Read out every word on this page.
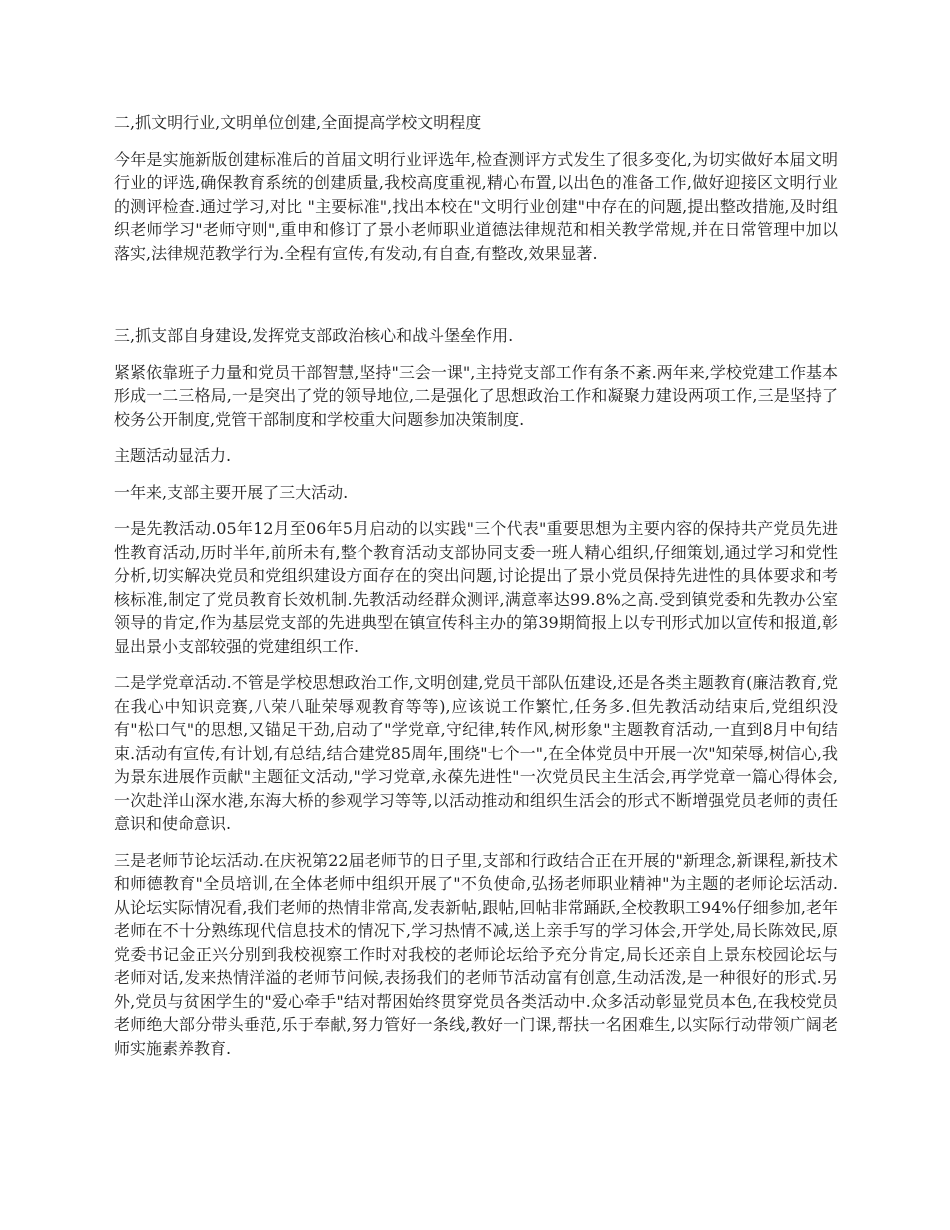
二,抓文明行业,文明单位创建,全面提高学校文明程度

今年是实施新版创建标准后的首届文明行业评选年,检查测评方式发生了很多变化,为切实做好本届文明行业的评选,确保教育系统的创建质量,我校高度重视,精心布置,以出色的准备工作,做好迎接区文明行业的测评检查.通过学习,对比 "主要标准",找出本校在"文明行业创建"中存在的问题,提出整改措施,及时组织老师学习"老师守则",重申和修订了景小老师职业道德法律规范和相关教学常规,并在日常管理中加以落实,法律规范教学行为.全程有宣传,有发动,有自查,有整改,效果显著.

三,抓支部自身建设,发挥党支部政治核心和战斗堡垒作用.

紧紧依靠班子力量和党员干部智慧,坚持"三会一课",主持党支部工作有条不紊.两年来,学校党建工作基本形成一二三格局,一是突出了党的领导地位,二是强化了思想政治工作和凝聚力建设两项工作,三是坚持了校务公开制度,党管干部制度和学校重大问题参加决策制度.

主题活动显活力.

一年来,支部主要开展了三大活动.

一是先教活动.05年12月至06年5月启动的以实践"三个代表"重要思想为主要内容的保持共产党员先进性教育活动,历时半年,前所未有,整个教育活动支部协同支委一班人精心组织,仔细策划,通过学习和党性分析,切实解决党员和党组织建设方面存在的突出问题,讨论提出了景小党员保持先进性的具体要求和考核标准,制定了党员教育长效机制.先教活动经群众测评,满意率达99.8%之高.受到镇党委和先教办公室领导的肯定,作为基层党支部的先进典型在镇宣传科主办的第39期简报上以专刊形式加以宣传和报道,彰显出景小支部较强的党建组织工作.

二是学党章活动.不管是学校思想政治工作,文明创建,党员干部队伍建设,还是各类主题教育(廉洁教育,党在我心中知识竞赛,八荣八耻荣辱观教育等等),应该说工作繁忙,任务多.但先教活动结束后,党组织没有"松口气"的思想,又锚足干劲,启动了"学党章,守纪律,转作风,树形象"主题教育活动,一直到8月中旬结束.活动有宣传,有计划,有总结,结合建党85周年,围绕"七个一",在全体党员中开展一次"知荣辱,树信心,我为景东进展作贡献"主题征文活动,"学习党章,永葆先进性"一次党员民主生活会,再学党章一篇心得体会,一次赴洋山深水港,东海大桥的参观学习等等,以活动推动和组织生活会的形式不断增强党员老师的责任意识和使命意识.

三是老师节论坛活动.在庆祝第22届老师节的日子里,支部和行政结合正在开展的"新理念,新课程,新技术和师德教育"全员培训,在全体老师中组织开展了"不负使命,弘扬老师职业精神"为主题的老师论坛活动.从论坛实际情况看,我们老师的热情非常高,发表新帖,跟帖,回帖非常踊跃,全校教职工94%仔细参加,老年老师在不十分熟练现代信息技术的情况下,学习热情不减,送上亲手写的学习体会,开学处,局长陈效民,原党委书记金正兴分别到我校视察工作时对我校的老师论坛给予充分肯定,局长还亲自上景东校园论坛与老师对话,发来热情洋溢的老师节问候,表扬我们的老师节活动富有创意,生动活泼,是一种很好的形式.另外,党员与贫困学生的"爱心牵手"结对帮困始终贯穿党员各类活动中.众多活动彰显党员本色,在我校党员老师绝大部分带头垂范,乐于奉献,努力管好一条线,教好一门课,帮扶一名困难生,以实际行动带领广阔老师实施素养教育.
